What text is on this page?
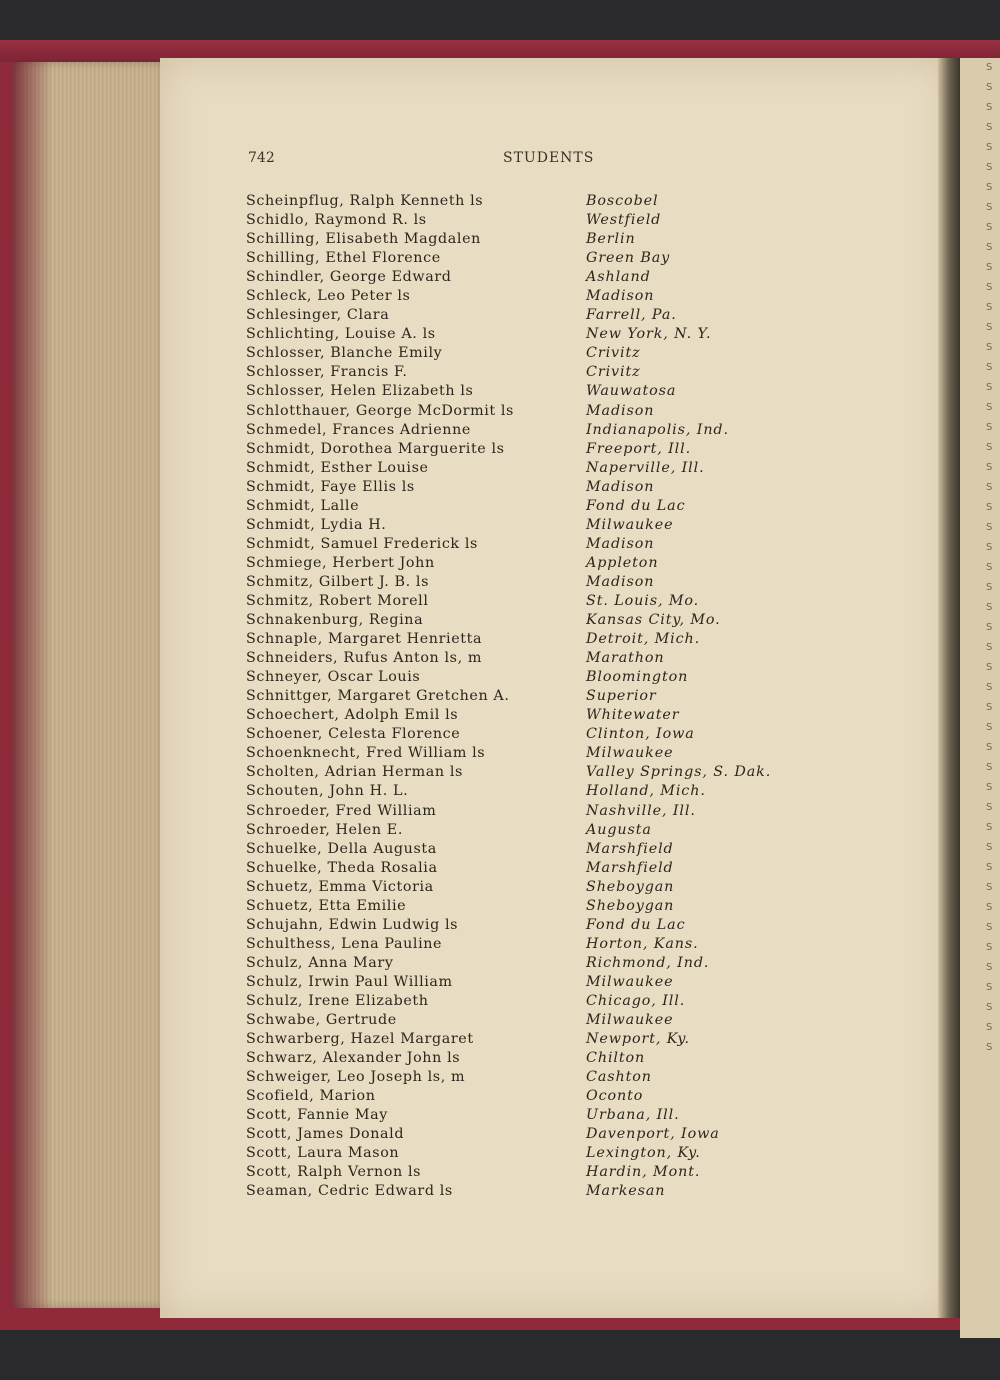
S
S
S
S
S
S
S
S
S
S
S
S
S
S
S
S
S
S
S
S
S
S
S
S
S
S
S
S
S
S
S
S
S
S
S
S
S
S
S
S
S
S
S
S
S
S
S
S
S
S
742	STUDENTS
Scheinpflug, Ralph Kenneth ls	Boscobel
Schidlo, Raymond R. ls	Westfield
Schilling, Elisabeth Magdalen	Berlin
Schilling, Ethel Florence	Green Bay
Schindler, George Edward	Ashland
Schleck, Leo Peter ls	Madison
Schlesinger, Clara	Farrell, Pa.
Schlichting, Louise A. ls	New York, N. Y.
Schlosser, Blanche Emily	Crivitz
Schlosser, Francis F.	Crivitz
Schlosser, Helen Elizabeth ls	Wauwatosa
Schlotthauer, George McDormit ls	Madison
Schmedel, Frances Adrienne	Indianapolis, Ind.
Schmidt, Dorothea Marguerite ls	Freeport, Ill.
Schmidt, Esther Louise	Naperville, Ill.
Schmidt, Faye Ellis ls	Madison
Schmidt, Lalle	Fond du Lac
Schmidt, Lydia H.	Milwaukee
Schmidt, Samuel Frederick ls	Madison
Schmiege, Herbert John	Appleton
Schmitz, Gilbert J. B. ls	Madison
Schmitz, Robert Morell	St. Louis, Mo.
Schnakenburg, Regina	Kansas City, Mo.
Schnaple, Margaret Henrietta	Detroit, Mich.
Schneiders, Rufus Anton ls, m	Marathon
Schneyer, Oscar Louis	Bloomington
Schnittger, Margaret Gretchen A.	Superior
Schoechert, Adolph Emil ls	Whitewater
Schoener, Celesta Florence	Clinton, Iowa
Schoenknecht, Fred William ls	Milwaukee
Scholten, Adrian Herman ls	Valley Springs, S. Dak.
Schouten, John H. L.	Holland, Mich.
Schroeder, Fred William	Nashville, Ill.
Schroeder, Helen E.	Augusta
Schuelke, Della Augusta	Marshfield
Schuelke, Theda Rosalia	Marshfield
Schuetz, Emma Victoria	Sheboygan
Schuetz, Etta Emilie	Sheboygan
Schujahn, Edwin Ludwig ls	Fond du Lac
Schulthess, Lena Pauline	Horton, Kans.
Schulz, Anna Mary	Richmond, Ind.
Schulz, Irwin Paul William	Milwaukee
Schulz, Irene Elizabeth	Chicago, Ill.
Schwabe, Gertrude	Milwaukee
Schwarberg, Hazel Margaret	Newport, Ky.
Schwarz, Alexander John ls	Chilton
Schweiger, Leo Joseph ls, m	Cashton
Scofield, Marion	Oconto
Scott, Fannie May	Urbana, Ill.
Scott, James Donald	Davenport, Iowa
Scott, Laura Mason	Lexington, Ky.
Scott, Ralph Vernon ls	Hardin, Mont.
Seaman, Cedric Edward ls	Markesan
